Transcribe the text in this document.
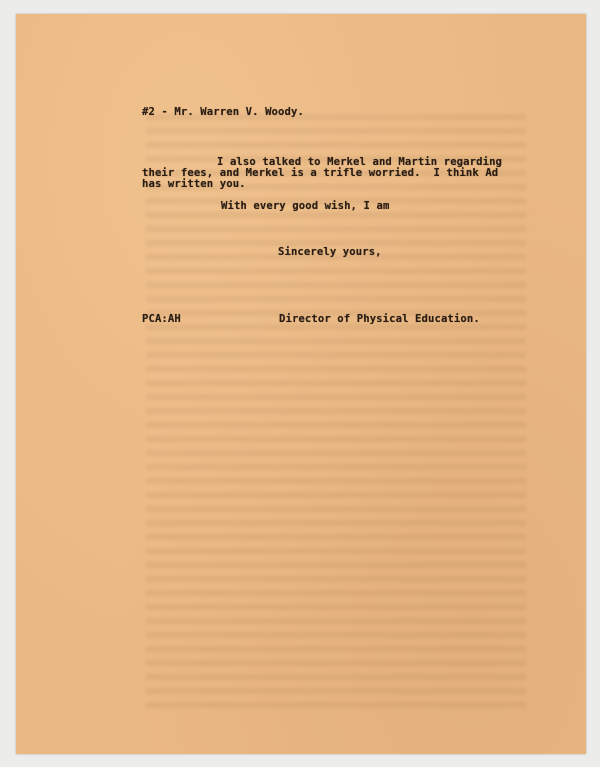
#2 - Mr. Warren V. Woody.
I also talked to Merkel and Martin regarding
their fees, and Merkel is a trifle worried.  I think Ad
has written you.
With every good wish, I am
Sincerely yours,
PCA:AH	Director of Physical Education.
